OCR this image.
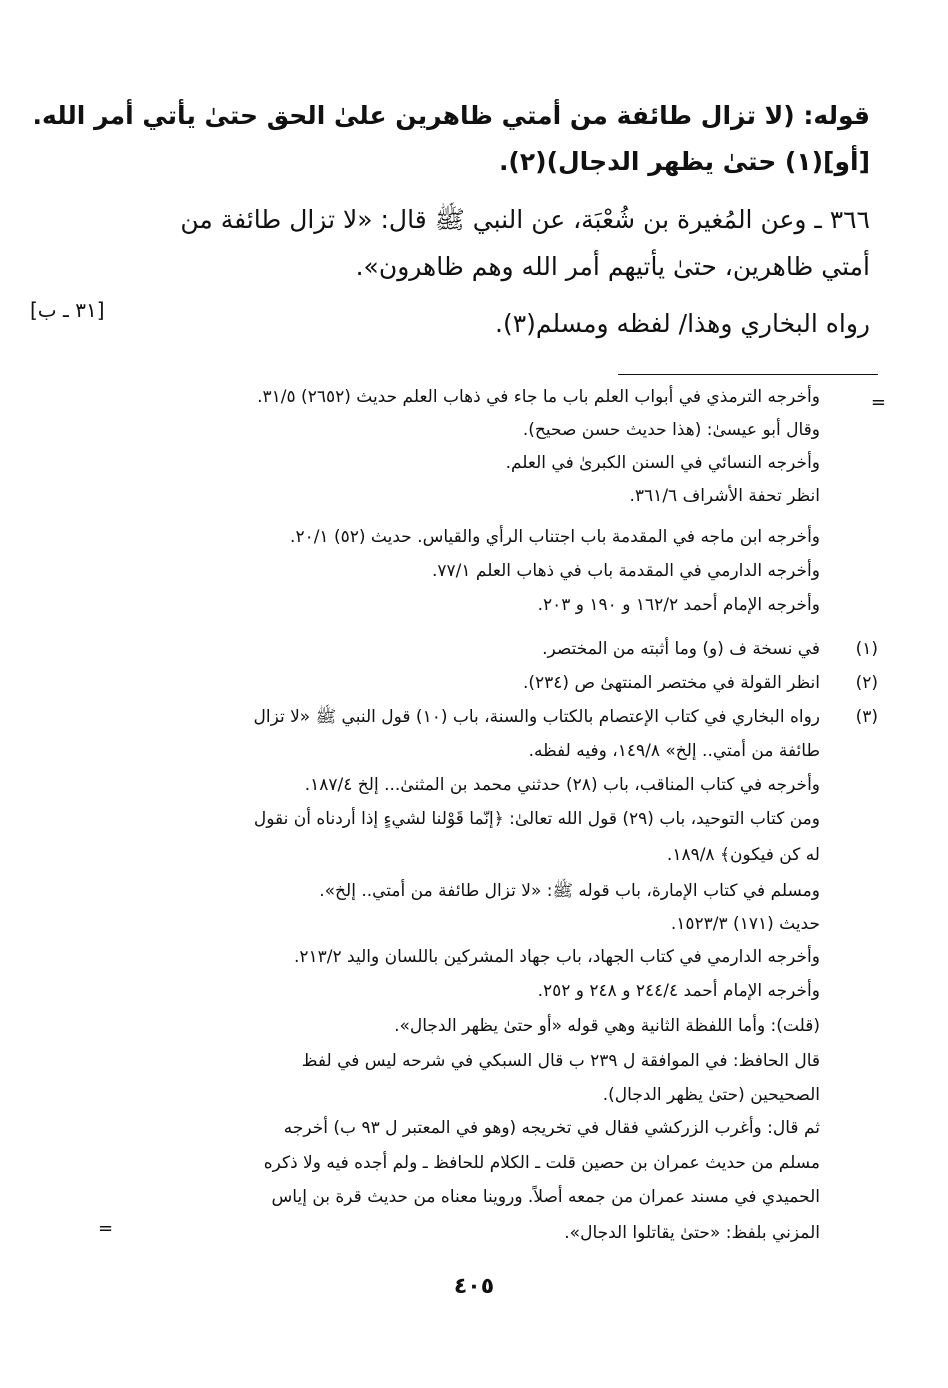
قوله: (لا تزال طائفة من أمتي ظاهرين علىٰ الحق حتىٰ يأتي أمر الله.
[أو](١) حتىٰ يظهر الدجال)(٢).
٣٦٦ ـ وعن المُغيرة بن شُعْبَة، عن النبي ﷺ قال: «لا تزال طائفة من
أمتي ظاهرين، حتىٰ يأتيهم أمر الله وهم ظاهرون».
رواه البخاري وهذا/ لفظه ومسلم(٣).
[٣١ ـ ب]
=
وأخرجه الترمذي في أبواب العلم باب ما جاء في ذهاب العلم حديث (٢٦٥٢) ٣١/٥.
وقال أبو عيسىٰ: (هذا حديث حسن صحيح).
وأخرجه النسائي في السنن الكبرىٰ في العلم.
انظر تحفة الأشراف ٣٦١/٦.
وأخرجه ابن ماجه في المقدمة باب اجتناب الرأي والقياس. حديث (٥٢) ٢٠/١.
وأخرجه الدارمي في المقدمة باب في ذهاب العلم ٧٧/١.
وأخرجه الإمام أحمد ١٦٢/٢ و ١٩٠ و ٢٠٣.
(١)
في نسخة ف (و) وما أثبته من المختصر.
(٢)
انظر القولة في مختصر المنتهىٰ ص (٢٣٤).
(٣)
رواه البخاري في كتاب الإعتصام بالكتاب والسنة، باب (١٠) قول النبي ﷺ «لا تزال
طائفة من أمتي.. إلخ» ١٤٩/٨، وفيه لفظه.
وأخرجه في كتاب المناقب، باب (٢٨) حدثني محمد بن المثنىٰ... إلخ ١٨٧/٤.
ومن كتاب التوحيد، باب (٢٩) قول الله تعالىٰ: ﴿إنّما قَوْلنا لشيءٍ إذا أردناه أن نقول
له كن فيكون﴾ ١٨٩/٨.
ومسلم في كتاب الإمارة، باب قوله ﷺ: «لا تزال طائفة من أمتي.. إلخ».
حديث (١٧١) ١٥٢٣/٣.
وأخرجه الدارمي في كتاب الجهاد، باب جهاد المشركين باللسان واليد ٢١٣/٢.
وأخرجه الإمام أحمد ٢٤٤/٤ و ٢٤٨ و ٢٥٢.
(قلت): وأما اللفظة الثانية وهي قوله «أو حتىٰ يظهر الدجال».
قال الحافظ: في الموافقة ل ٢٣٩ ب قال السبكي في شرحه ليس في لفظ
الصحيحين (حتىٰ يظهر الدجال).
ثم قال: وأغرب الزركشي فقال في تخريجه (وهو في المعتبر ل ٩٣ ب) أخرجه
مسلم من حديث عمران بن حصين قلت ـ الكلام للحافظ ـ ولم أجده فيه ولا ذكره
الحميدي في مسند عمران من جمعه أصلاً. وروينا معناه من حديث قرة بن إياس
المزني بلفظ: «حتىٰ يقاتلوا الدجال».
=
٤٠٥
